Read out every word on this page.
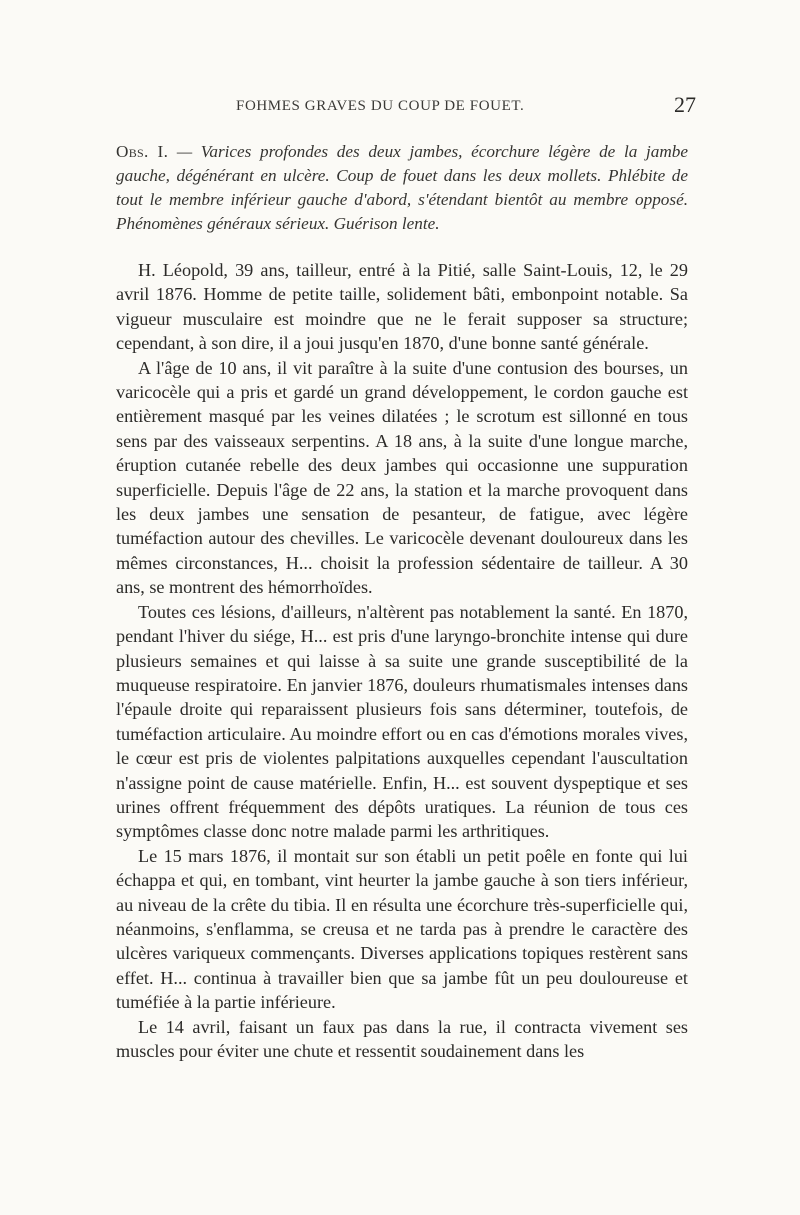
FOHMES GRAVES DU COUP DE FOUET.	27
Obs. I. — Varices profondes des deux jambes, écorchure légère de la jambe gauche, dégénérant en ulcère. Coup de fouet dans les deux mollets. Phlébite de tout le membre inférieur gauche d'abord, s'étendant bientôt au membre opposé. Phénomènes généraux sérieux. Guérison lente.

H. Léopold, 39 ans, tailleur, entré à la Pitié, salle Saint-Louis, 12, le 29 avril 1876. Homme de petite taille, solidement bâti, embonpoint notable. Sa vigueur musculaire est moindre que ne le ferait supposer sa structure; cependant, à son dire, il a joui jusqu'en 1870, d'une bonne santé générale.

A l'âge de 10 ans, il vit paraître à la suite d'une contusion des bourses, un varicocèle qui a pris et gardé un grand développement, le cordon gauche est entièrement masqué par les veines dilatées ; le scrotum est sillonné en tous sens par des vaisseaux serpentins. A 18 ans, à la suite d'une longue marche, éruption cutanée rebelle des deux jambes qui occasionne une suppuration superficielle. Depuis l'âge de 22 ans, la station et la marche provoquent dans les deux jambes une sensation de pesanteur, de fatigue, avec légère tuméfaction autour des chevilles. Le varicocèle devenant douloureux dans les mêmes circonstances, H... choisit la profession sédentaire de tailleur. A 30 ans, se montrent des hémorrhoïdes.

Toutes ces lésions, d'ailleurs, n'altèrent pas notablement la santé. En 1870, pendant l'hiver du siége, H... est pris d'une laryngo-bronchite intense qui dure plusieurs semaines et qui laisse à sa suite une grande susceptibilité de la muqueuse respiratoire. En janvier 1876, douleurs rhumatismales intenses dans l'épaule droite qui reparaissent plusieurs fois sans déterminer, toutefois, de tuméfaction articulaire. Au moindre effort ou en cas d'émotions morales vives, le cœur est pris de violentes palpitations auxquelles cependant l'auscultation n'assigne point de cause matérielle. Enfin, H... est souvent dyspeptique et ses urines offrent fréquemment des dépôts uratiques. La réunion de tous ces symptômes classe donc notre malade parmi les arthritiques.

Le 15 mars 1876, il montait sur son établi un petit poêle en fonte qui lui échappa et qui, en tombant, vint heurter la jambe gauche à son tiers inférieur, au niveau de la crête du tibia. Il en résulta une écorchure très-superficielle qui, néanmoins, s'enflamma, se creusa et ne tarda pas à prendre le caractère des ulcères variqueux commençants. Diverses applications topiques restèrent sans effet. H... continua à travailler bien que sa jambe fût un peu douloureuse et tuméfiée à la partie inférieure.

Le 14 avril, faisant un faux pas dans la rue, il contracta vivement ses muscles pour éviter une chute et ressentit soudainement dans les
